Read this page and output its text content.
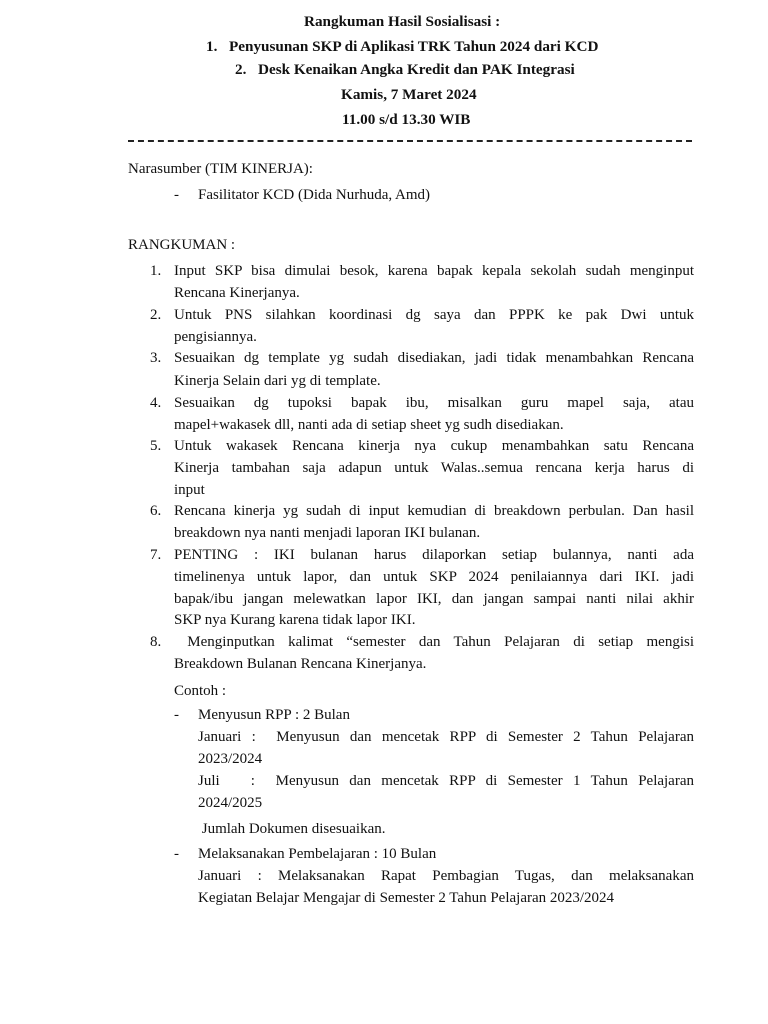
Rangkuman Hasil Sosialisasi :
1. Penyusunan SKP di Aplikasi TRK Tahun 2024 dari KCD
2. Desk Kenaikan Angka Kredit dan PAK Integrasi
Kamis, 7 Maret 2024
11.00 s/d 13.30 WIB
Narasumber (TIM KINERJA):
- Fasilitator KCD (Dida Nurhuda, Amd)
RANGKUMAN :
1. Input SKP bisa dimulai besok, karena bapak kepala sekolah sudah menginput
Rencana Kinerjanya.
2. Untuk PNS silahkan koordinasi dg saya dan PPPK ke pak Dwi untuk
pengisiannya.
3. Sesuaikan dg template yg sudah disediakan, jadi tidak menambahkan Rencana
Kinerja Selain dari yg di template.
4. Sesuaikan dg tupoksi bapak ibu, misalkan guru mapel saja, atau
mapel+wakasek dll, nanti ada di setiap sheet yg sudh disediakan.
5. Untuk wakasek Rencana kinerja nya cukup menambahkan satu Rencana
Kinerja tambahan saja adapun untuk Walas..semua rencana kerja harus di
input
6. Rencana kinerja yg sudah di input kemudian di breakdown perbulan. Dan hasil
breakdown nya nanti menjadi laporan IKI bulanan.
7. PENTING : IKI bulanan harus dilaporkan setiap bulannya, nanti ada
timelinenya untuk lapor, dan untuk SKP 2024 penilaiannya dari IKI. jadi
bapak/ibu jangan melewatkan lapor IKI, dan jangan sampai nanti nilai akhir
SKP nya Kurang karena tidak lapor IKI.
8. Menginputkan kalimat “semester dan Tahun Pelajaran di setiap mengisi
Breakdown Bulanan Rencana Kinerjanya.
Contoh :
- Menyusun RPP : 2 Bulan
Januari :  Menyusun dan mencetak RPP di Semester 2 Tahun Pelajaran
2023/2024
Juli   :  Menyusun dan mencetak RPP di Semester 1 Tahun Pelajaran
2024/2025
Jumlah Dokumen disesuaikan.
- Melaksanakan Pembelajaran : 10 Bulan
Januari : Melaksanakan Rapat Pembagian Tugas, dan melaksanakan
Kegiatan Belajar Mengajar di Semester 2 Tahun Pelajaran 2023/2024
